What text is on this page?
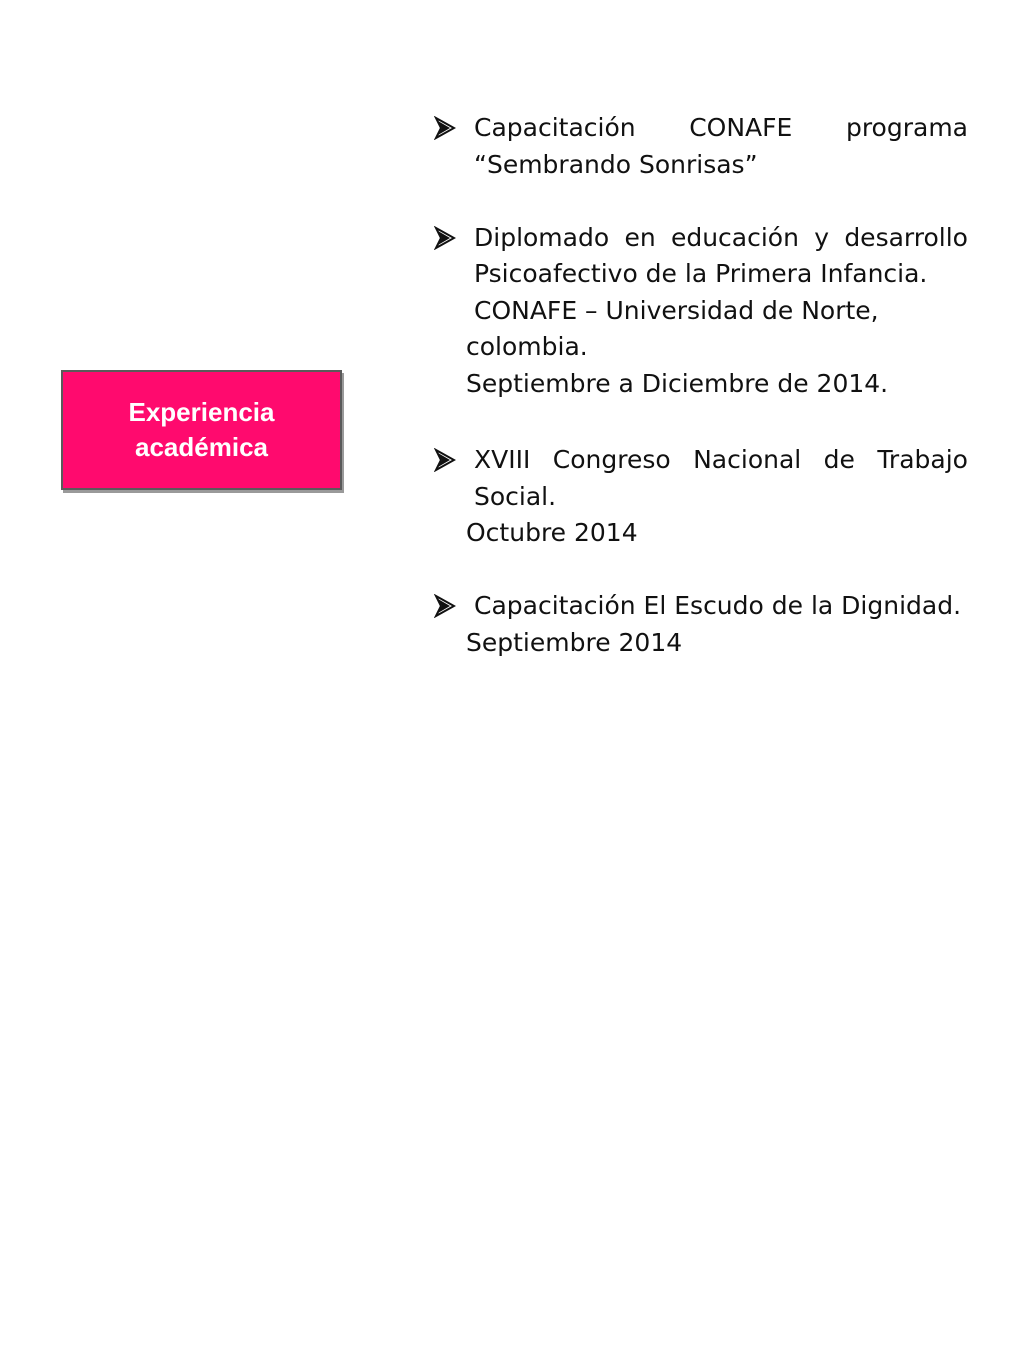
Experiencia académica
Capacitación CONAFE programa
“Sembrando Sonrisas”
Diplomado en educación y desarrollo
Psicoafectivo de la Primera Infancia.
CONAFE – Universidad de Norte,
colombia.
Septiembre a Diciembre de 2014.
XVIII Congreso Nacional de Trabajo
Social.
Octubre 2014
Capacitación El Escudo de la Dignidad.
Septiembre 2014
